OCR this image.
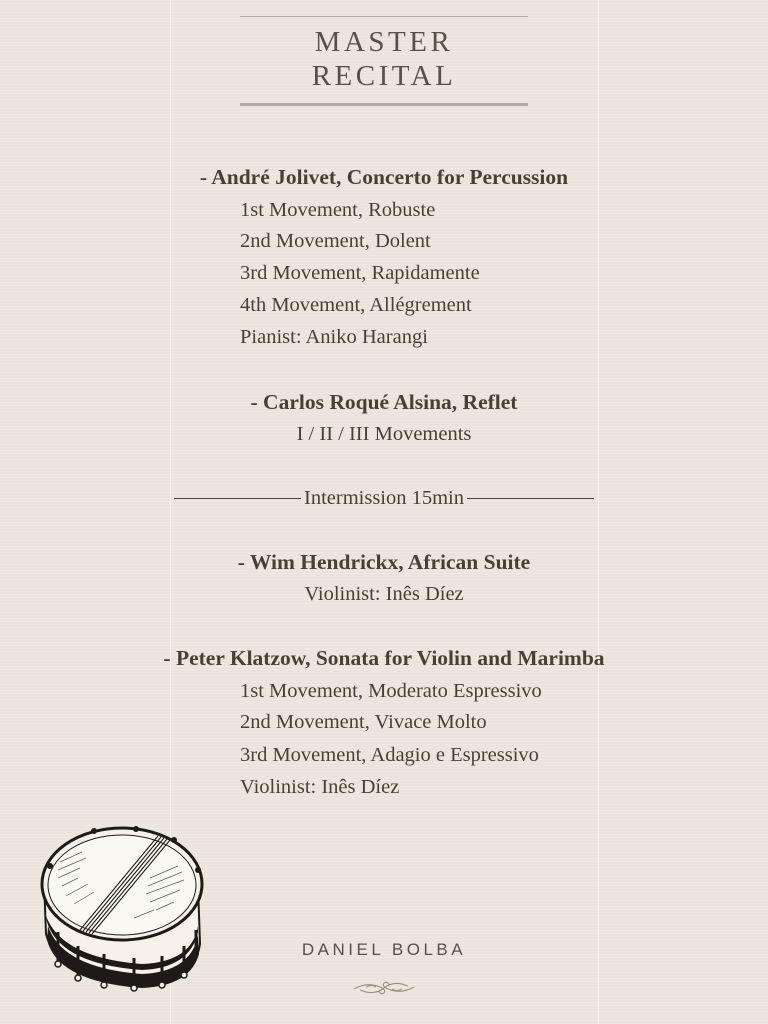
MASTER
RECITAL
- André Jolivet, Concerto for Percussion
1st Movement, Robuste
2nd Movement, Dolent
3rd Movement, Rapidamente
4th Movement, Allégrement
Pianist: Aniko Harangi
- Carlos Roqué Alsina, Reflet
I / II / III Movements
Intermission 15min
- Wim Hendrickx, African Suite
Violinist: Inês Díez
- Peter Klatzow, Sonata for Violin and Marimba
1st Movement, Moderato Espressivo
2nd Movement, Vivace Molto
3rd Movement, Adagio e Espressivo
Violinist: Inês Díez
DANIEL BOLBA
